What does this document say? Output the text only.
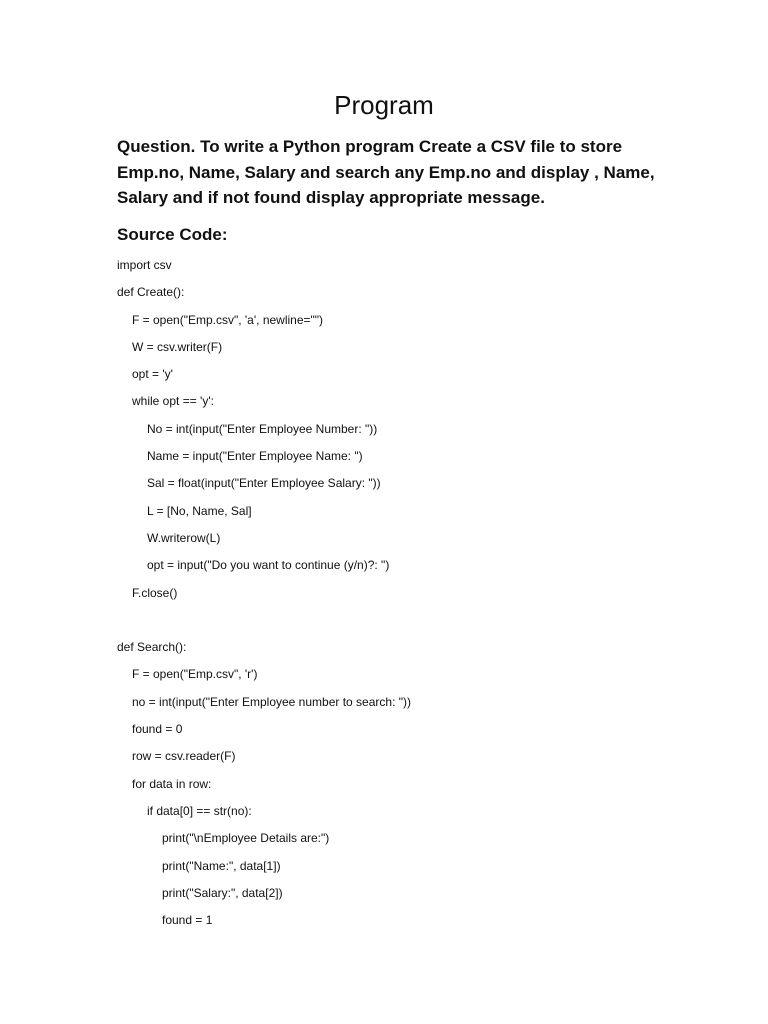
Program
Question. To write a Python program Create a CSV file to store Emp.no, Name, Salary and search any Emp.no and display , Name, Salary and if not found display appropriate message.
Source Code:
import csv
def Create():
F = open("Emp.csv", 'a', newline="")
W = csv.writer(F)
opt = 'y'
while opt == 'y':
No = int(input("Enter Employee Number: "))
Name = input("Enter Employee Name: ")
Sal = float(input("Enter Employee Salary: "))
L = [No, Name, Sal]
W.writerow(L)
opt = input("Do you want to continue (y/n)?: ")
F.close()
def Search():
F = open("Emp.csv", 'r')
no = int(input("Enter Employee number to search: "))
found = 0
row = csv.reader(F)
for data in row:
if data[0] == str(no):
print("\nEmployee Details are:")
print("Name:", data[1])
print("Salary:", data[2])
found = 1
